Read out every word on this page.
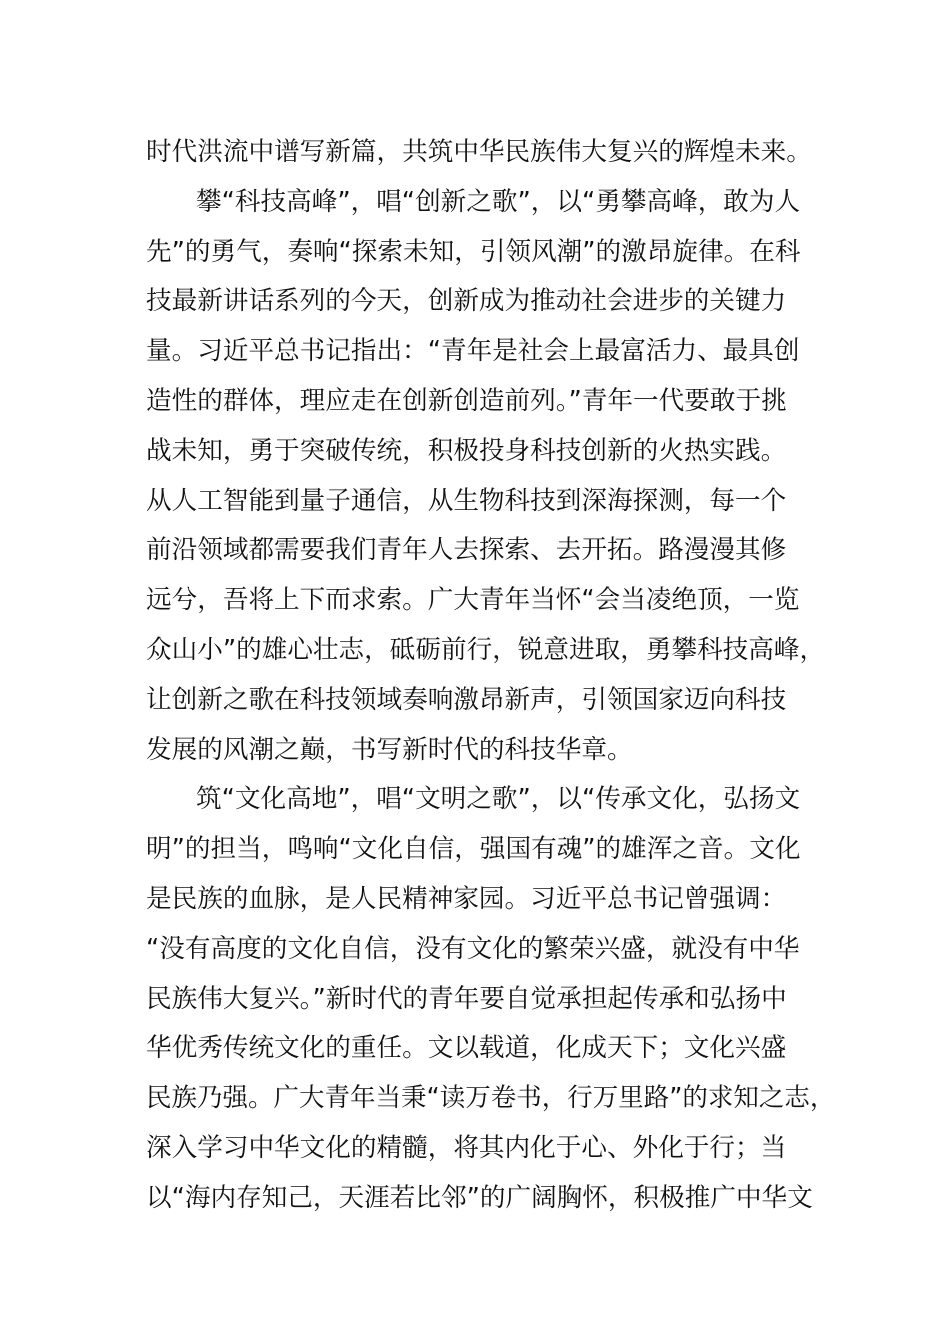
时代洪流中谱写新篇，共筑中华民族伟大复兴的辉煌未来。
攀“科技高峰”，唱“创新之歌”，以“勇攀高峰，敢为人
先”的勇气，奏响“探索未知，引领风潮”的激昂旋律。在科
技最新讲话系列的今天，创新成为推动社会进步的关键力
量。习近平总书记指出：“青年是社会上最富活力、最具创
造性的群体，理应走在创新创造前列。”青年一代要敢于挑
战未知，勇于突破传统，积极投身科技创新的火热实践。
从人工智能到量子通信，从生物科技到深海探测，每一个
前沿领域都需要我们青年人去探索、去开拓。路漫漫其修
远兮，吾将上下而求索。广大青年当怀“会当凌绝顶，一览
众山小”的雄心壮志，砥砺前行，锐意进取，勇攀科技高峰，
让创新之歌在科技领域奏响激昂新声，引领国家迈向科技
发展的风潮之巅，书写新时代的科技华章。
筑“文化高地”，唱“文明之歌”，以“传承文化，弘扬文
明”的担当，鸣响“文化自信，强国有魂”的雄浑之音。文化
是民族的血脉，是人民精神家园。习近平总书记曾强调：
“没有高度的文化自信，没有文化的繁荣兴盛，就没有中华
民族伟大复兴。”新时代的青年要自觉承担起传承和弘扬中
华优秀传统文化的重任。文以载道，化成天下；文化兴盛
民族乃强。广大青年当秉“读万卷书，行万里路”的求知之志，
深入学习中华文化的精髓，将其内化于心、外化于行；当
以“海内存知己，天涯若比邻”的广阔胸怀，积极推广中华文
